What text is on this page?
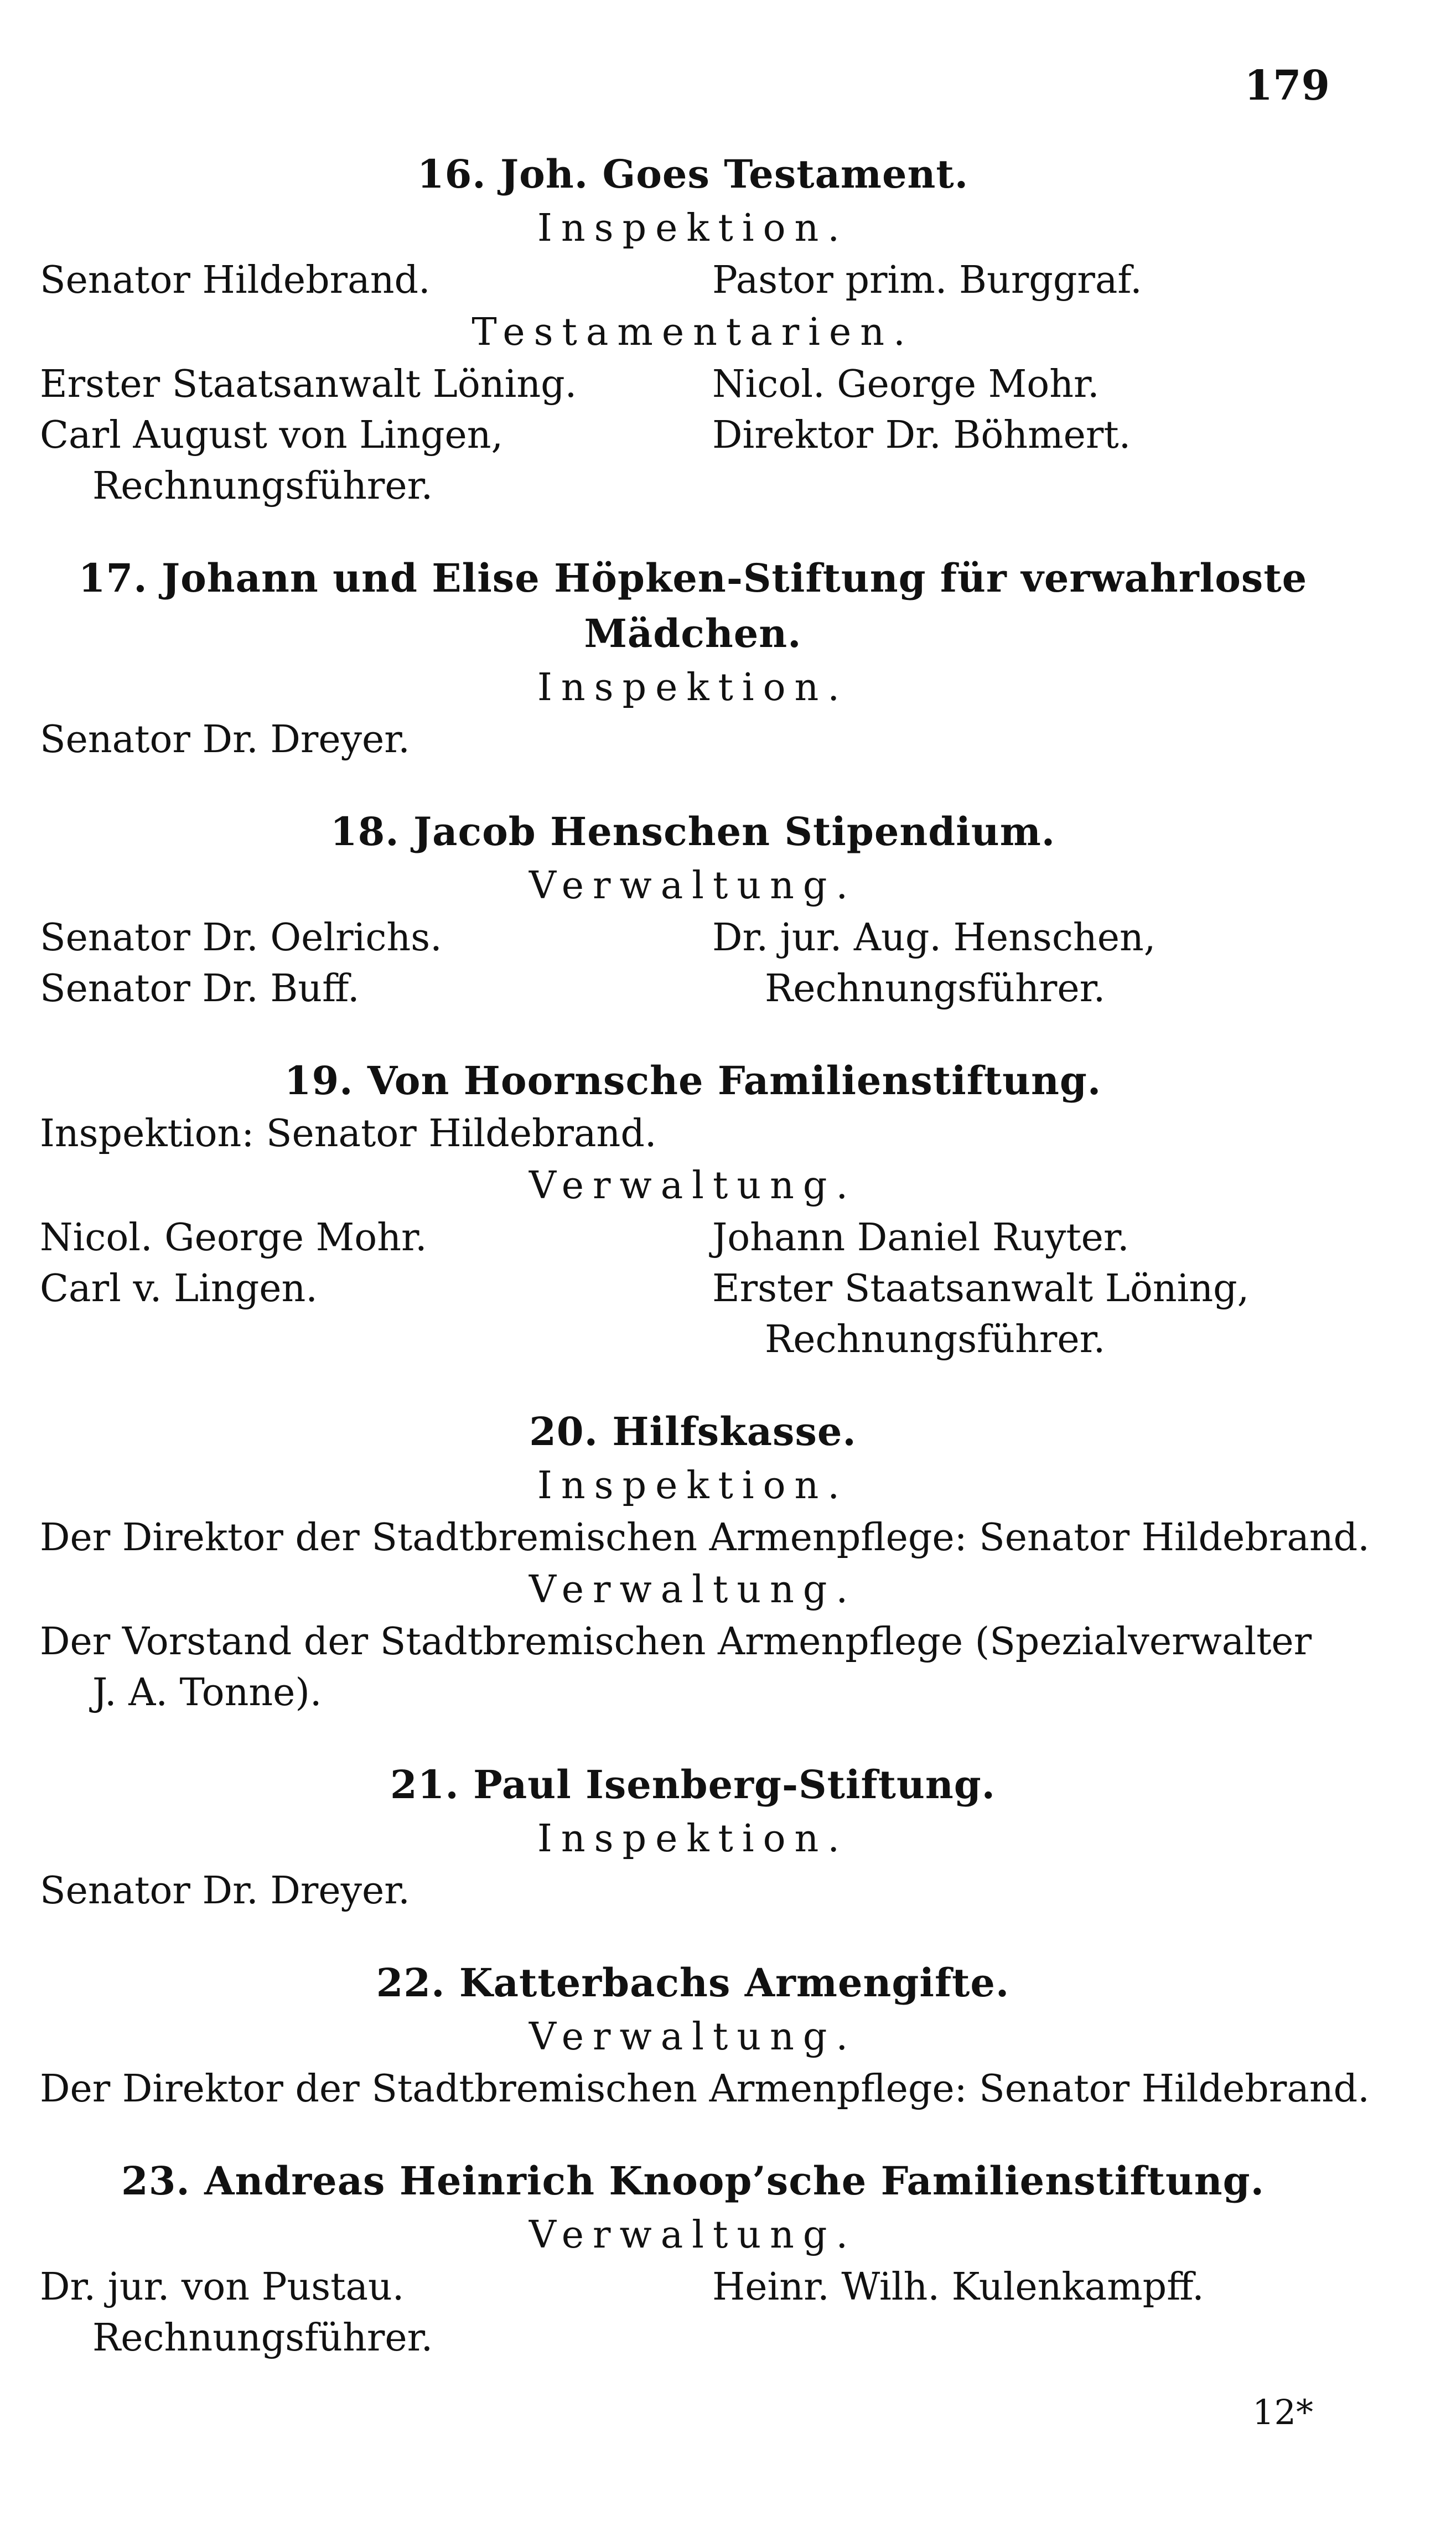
179

16. Joh. Goes Testament.

Inspektion.

Senator Hildebrand.	Pastor prim. Burggraf.

Testamentarien.

Erster Staatsanwalt Löning.	Nicol. George Mohr.
Carl August von Lingen,	Direktor Dr. Böhmert.
Rechnungsführer.

17. Johann und Elise Höpken-Stiftung für verwahrloste Mädchen.

Inspektion.

Senator Dr. Dreyer.

18. Jacob Henschen Stipendium.

Verwaltung.

Senator Dr. Oelrichs.	Dr. jur. Aug. Henschen,
Senator Dr. Buff.	Rechnungsführer.

19. Von Hoornsche Familienstiftung.

Inspektion: Senator Hildebrand.

Verwaltung.

Nicol. George Mohr.	Johann Daniel Ruyter.
Carl v. Lingen.	Erster Staatsanwalt Löning,
Rechnungsführer.

20. Hilfskasse.

Inspektion.

Der Direktor der Stadtbremischen Armenpflege: Senator Hildebrand.

Verwaltung.

Der Vorstand der Stadtbremischen Armenpflege (Spezialverwalter
J. A. Tonne).

21. Paul Isenberg-Stiftung.

Inspektion.

Senator Dr. Dreyer.

22. Katterbachs Armengifte.

Verwaltung.

Der Direktor der Stadtbremischen Armenpflege: Senator Hildebrand.

23. Andreas Heinrich Knoop’sche Familienstiftung.

Verwaltung.

Dr. jur. von Pustau.	Heinr. Wilh. Kulenkampff.
Rechnungsführer.
12*
